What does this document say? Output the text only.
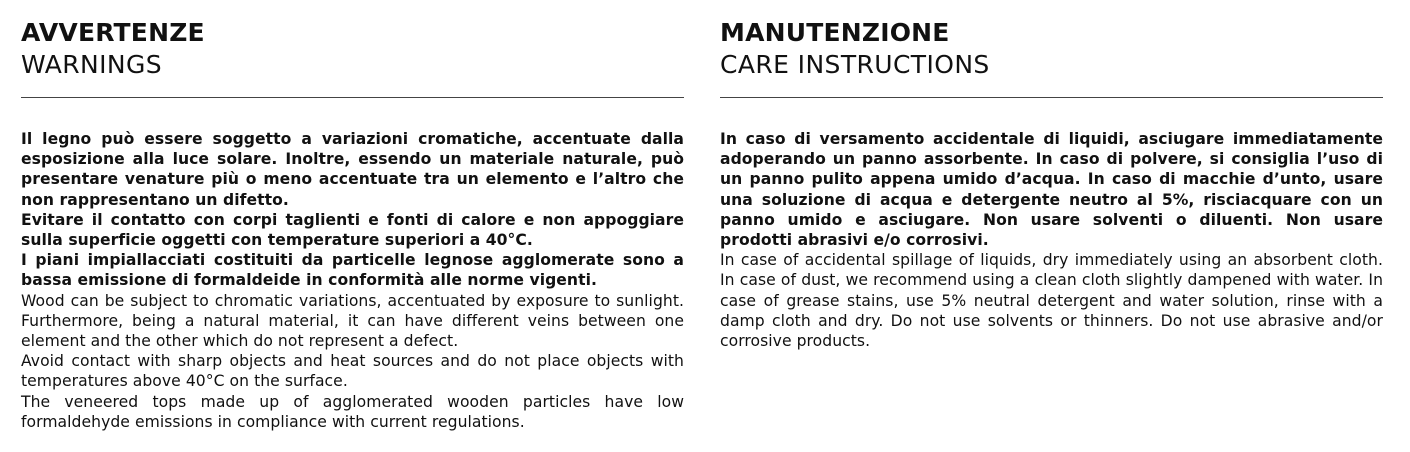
AVVERTENZE
WARNINGS

Il legno può essere soggetto a variazioni cromatiche, accentuate dalla esposizione alla luce solare. Inoltre, essendo un materiale naturale, può presentare venature più o meno accentuate tra un elemento e l’altro che non rappresentano un difetto.

Evitare il contatto con corpi taglienti e fonti di calore e non appoggiare sulla superficie oggetti con temperature superiori a 40°C.

I piani impiallacciati costituiti da particelle legnose agglomerate sono a bassa emissione di formaldeide in conformità alle norme vigenti.

Wood can be subject to chromatic variations, accentuated by exposure to sunlight. Furthermore, being a natural material, it can have different veins between one element and the other which do not represent a defect.

Avoid contact with sharp objects and heat sources and do not place objects with temperatures above 40°C on the surface.

The veneered tops made up of agglomerated wooden particles have low formaldehyde emissions in compliance with current regulations.

MANUTENZIONE
CARE INSTRUCTIONS

In caso di versamento accidentale di liquidi, asciugare immediatamente adoperando un panno assorbente. In caso di polvere, si consiglia l’uso di un panno pulito appena umido d’acqua. In caso di macchie d’unto, usare una soluzione di acqua e detergente neutro al 5%, risciacquare con un panno umido e asciugare. Non usare solventi o diluenti. Non usare prodotti abrasivi e/o corrosivi.

In case of accidental spillage of liquids, dry immediately using an absorbent cloth. In case of dust, we recommend using a clean cloth slightly dampened with water. In case of grease stains, use 5% neutral detergent and water solution, rinse with a damp cloth and dry. Do not use solvents or thinners. Do not use abrasive and/or corrosive products.
